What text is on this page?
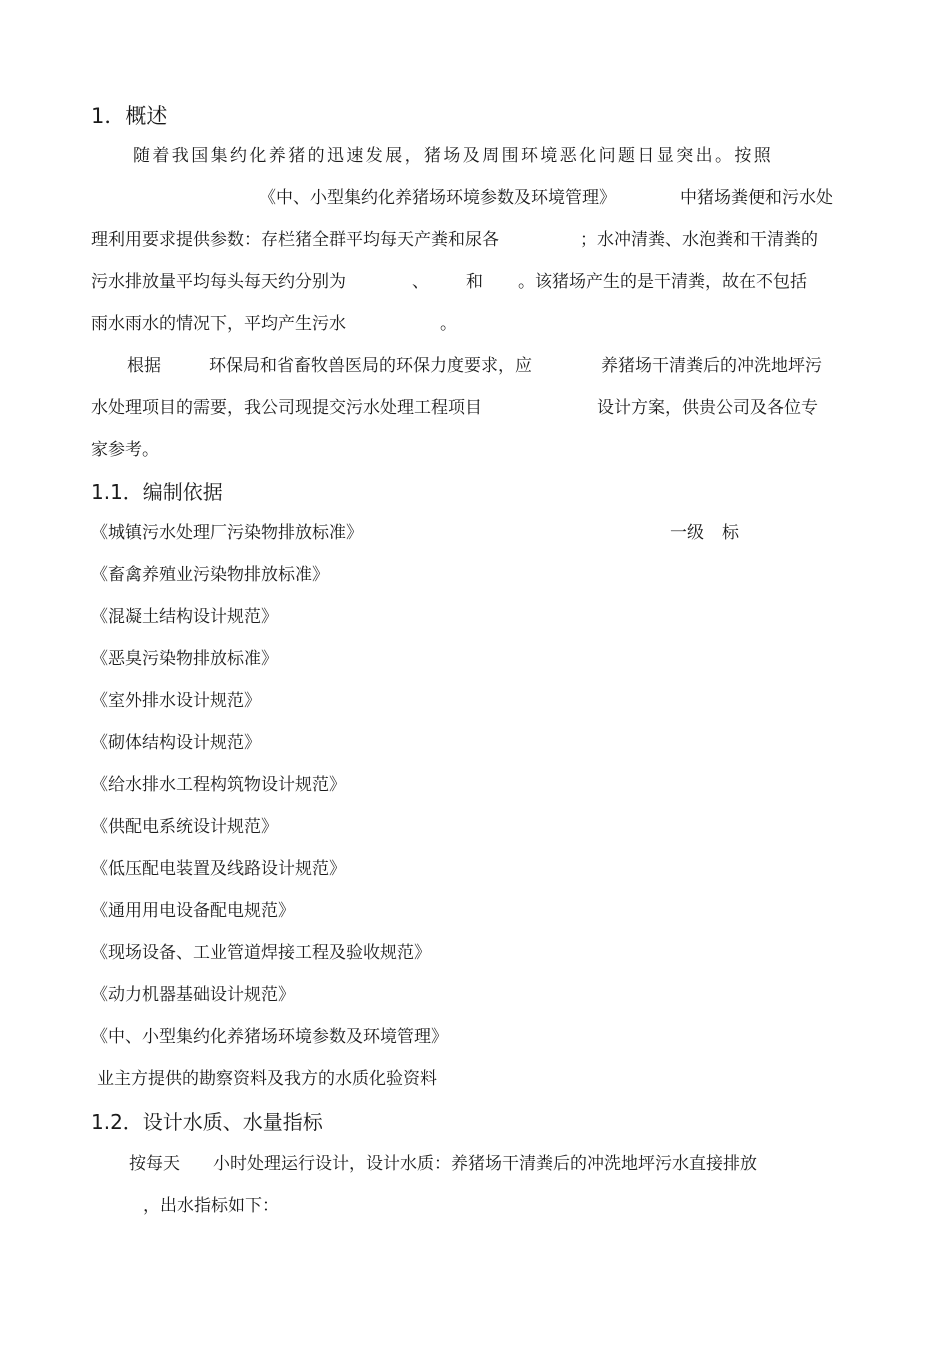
1．概述
随着我国集约化养猪的迅速发展，猪场及周围环境恶化问题日显突出。按照
《中、小型集约化养猪场环境参数及环境管理》	中猪场粪便和污水处
理利用要求提供参数：存栏猪全群平均每天产粪和尿各	；水冲清粪、水泡粪和干清粪的
污水排放量平均每头每天约分别为	、 和 。该猪场产生的是干清粪，故在不包括
雨水雨水的情况下，平均产生污水	。
根据	环保局和省畜牧兽医局的环保力度要求，应	养猪场干清粪后的冲洗地坪污
水处理项目的需要，我公司现提交污水处理工程项目	设计方案，供贵公司及各位专
家参考。
1.1．编制依据
《城镇污水处理厂污染物排放标准》	一级 标
《畜禽养殖业污染物排放标准》
《混凝土结构设计规范》
《恶臭污染物排放标准》
《室外排水设计规范》
《砌体结构设计规范》
《给水排水工程构筑物设计规范》
《供配电系统设计规范》
《低压配电装置及线路设计规范》
《通用用电设备配电规范》
《现场设备、工业管道焊接工程及验收规范》
《动力机器基础设计规范》
《中、小型集约化养猪场环境参数及环境管理》
业主方提供的勘察资料及我方的水质化验资料
1.2．设计水质、水量指标
按每天 小时处理运行设计，设计水质：养猪场干清粪后的冲洗地坪污水直接排放
，出水指标如下：
